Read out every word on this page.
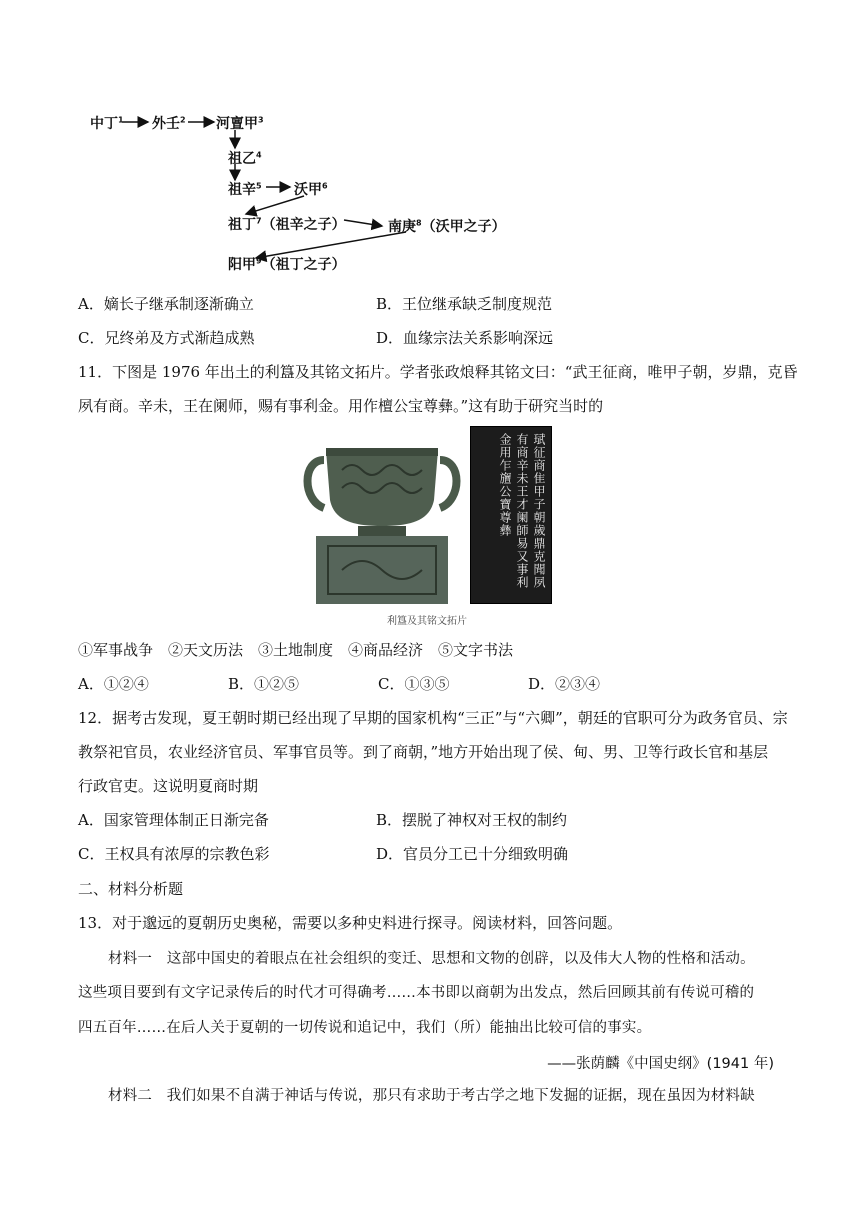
中丁$^1$ 外壬$^2$ 河亶甲$^3$
祖乙$^4$
祖辛$^5$ 沃甲$^6$
祖丁$^7$（祖辛之子）	南庚$^8$（沃甲之子）
阳甲$^9$（祖丁之子）
A．嫡长子继承制逐渐确立	B．王位继承缺乏制度规范
C．兄终弟及方式渐趋成熟	D．血缘宗法关系影响深远
11．下图是 1976 年出土的利簋及其铭文拓片。学者张政烺释其铭文曰：“武王征商，唯甲子朝，岁鼎，克昏
夙有商。辛未，王在阑师，赐有事利金。用作檀公宝尊彝。”这有助于研究当时的
珷征商隹甲子朝歲鼎克聞夙有商辛未王才阑師易又事利金用乍旜公寶尊彝
利簋及其铭文拓片
①军事战争　②天文历法　③土地制度　④商品经济　⑤文字书法
A．①②④	B．①②⑤	C．①③⑤	D．②③④
12．据考古发现，夏王朝时期已经出现了早期的国家机构“三正”与“六卿”，朝廷的官职可分为政务官员、宗
教祭祀官员，农业经济官员、军事官员等。到了商朝，”地方开始出现了侯、甸、男、卫等行政长官和基层
行政官吏。这说明夏商时期
A．国家管理体制正日渐完备	B．摆脱了神权对王权的制约
C．王权具有浓厚的宗教色彩	D．官员分工已十分细致明确
二、材料分析题
13．对于邈远的夏朝历史奥秘，需要以多种史料进行探寻。阅读材料，回答问题。
材料一　这部中国史的着眼点在社会组织的变迁、思想和文物的创辟，以及伟大人物的性格和活动。
这些项目要到有文字记录传后的时代才可得确考……本书即以商朝为出发点，然后回顾其前有传说可稽的
四五百年……在后人关于夏朝的一切传说和追记中，我们（所）能抽出比较可信的事实。
——张荫麟《中国史纲》(1941 年)
材料二　我们如果不自满于神话与传说，那只有求助于考古学之地下发掘的证据，现在虽因为材料缺
